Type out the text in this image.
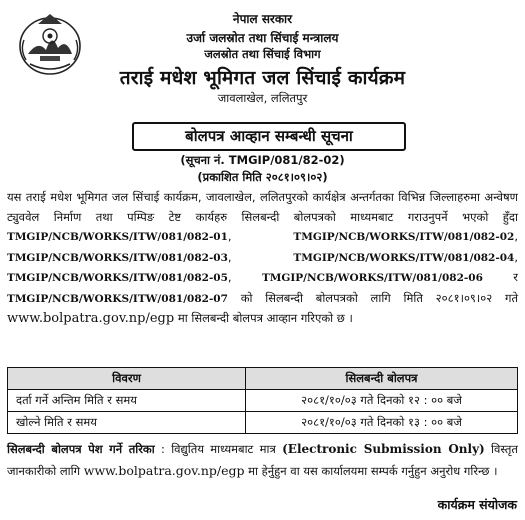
नेपाल सरकार
उर्जा जलस्रोत तथा सिंचाई मन्त्रालय
जलस्रोत तथा सिंचाई विभाग
तराई मधेश भूमिगत जल सिंचाई कार्यक्रम
जावलाखेल, ललितपुर
बोलपत्र आव्हान सम्बन्धी सूचना
(सूचना नं. TMGIP/081/82-02)
(प्रकाशित मिति २०८१।०९।०२)
यस तराई मधेश भूमिगत जल सिंचाई कार्यक्रम, जावलाखेल, ललितपुरको कार्यक्षेत्र अन्तर्गतका विभिन्न जिल्लाहरुमा अन्वेषण ट्युववेल निर्माण तथा पम्पिङ टेष्ट कार्यहरु सिलबन्दी बोलपत्रको माध्यमबाट गराउनुपर्ने भएको हुँदा TMGIP/NCB/WORKS/ITW/081/082-01,	TMGIP/NCB/WORKS/ITW/081/082-02, TMGIP/NCB/WORKS/ITW/081/082-03,	TMGIP/NCB/WORKS/ITW/081/082-04, TMGIP/NCB/WORKS/ITW/081/082-05,	TMGIP/NCB/WORKS/ITW/081/082-06	र TMGIP/NCB/WORKS/ITW/081/082-07 को सिलबन्दी बोलपत्रको लागि मिति २०८१।०९।०२ गते www.bolpatra.gov.np/egp मा सिलबन्दी बोलपत्र आव्हान गरिएको छ ।
विवरण	सिलबन्दी बोलपत्र
दर्ता गर्ने अन्तिम मिति र समय	२०८१/१०/०३ गते दिनको १२ : ०० बजे
खोल्ने मिति र समय	२०८१/१०/०३ गते दिनको १३ : ०० बजे
सिलबन्दी बोलपत्र पेश गर्ने तरिका : विद्युतिय माध्यमबाट मात्र (Electronic Submission Only) विस्तृत जानकारीको लागि www.bolpatra.gov.np/egp मा हेर्नुहुन वा यस कार्यालयमा सम्पर्क गर्नुहुन अनुरोध गरिन्छ ।
कार्यक्रम संयोजक
